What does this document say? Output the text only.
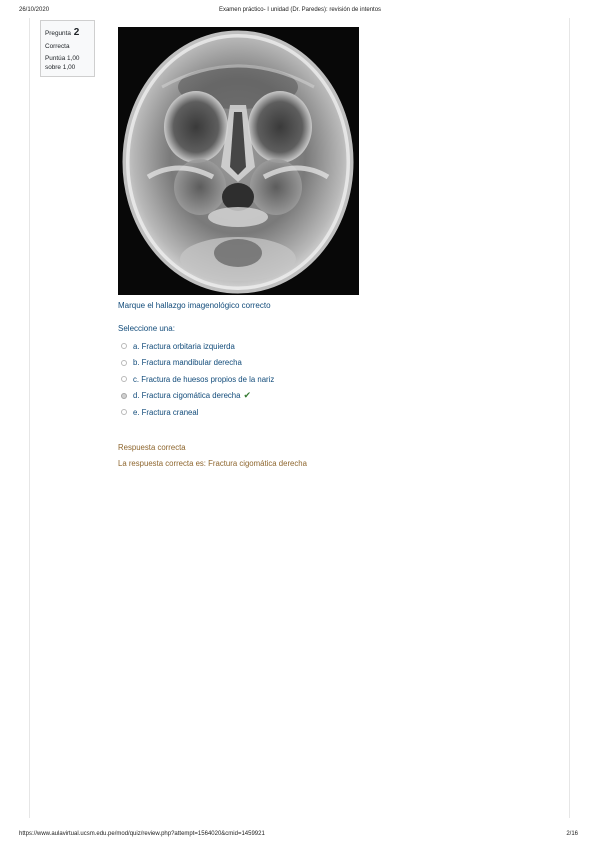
26/10/2020	Examen práctico- I unidad (Dr. Paredes): revisión de intentos
Pregunta 2
Correcta
Puntúa 1,00
sobre 1,00
Marque el hallazgo imagenológico correcto
Seleccione una:
a. Fractura orbitaria izquierda
b. Fractura mandibular derecha
c. Fractura de huesos propios de la nariz
d. Fractura cigomática derecha ✔
e. Fractura craneal
Respuesta correcta
La respuesta correcta es: Fractura cigomática derecha
https://www.aulavirtual.ucsm.edu.pe/mod/quiz/review.php?attempt=1564020&cmid=1459921	2/16
